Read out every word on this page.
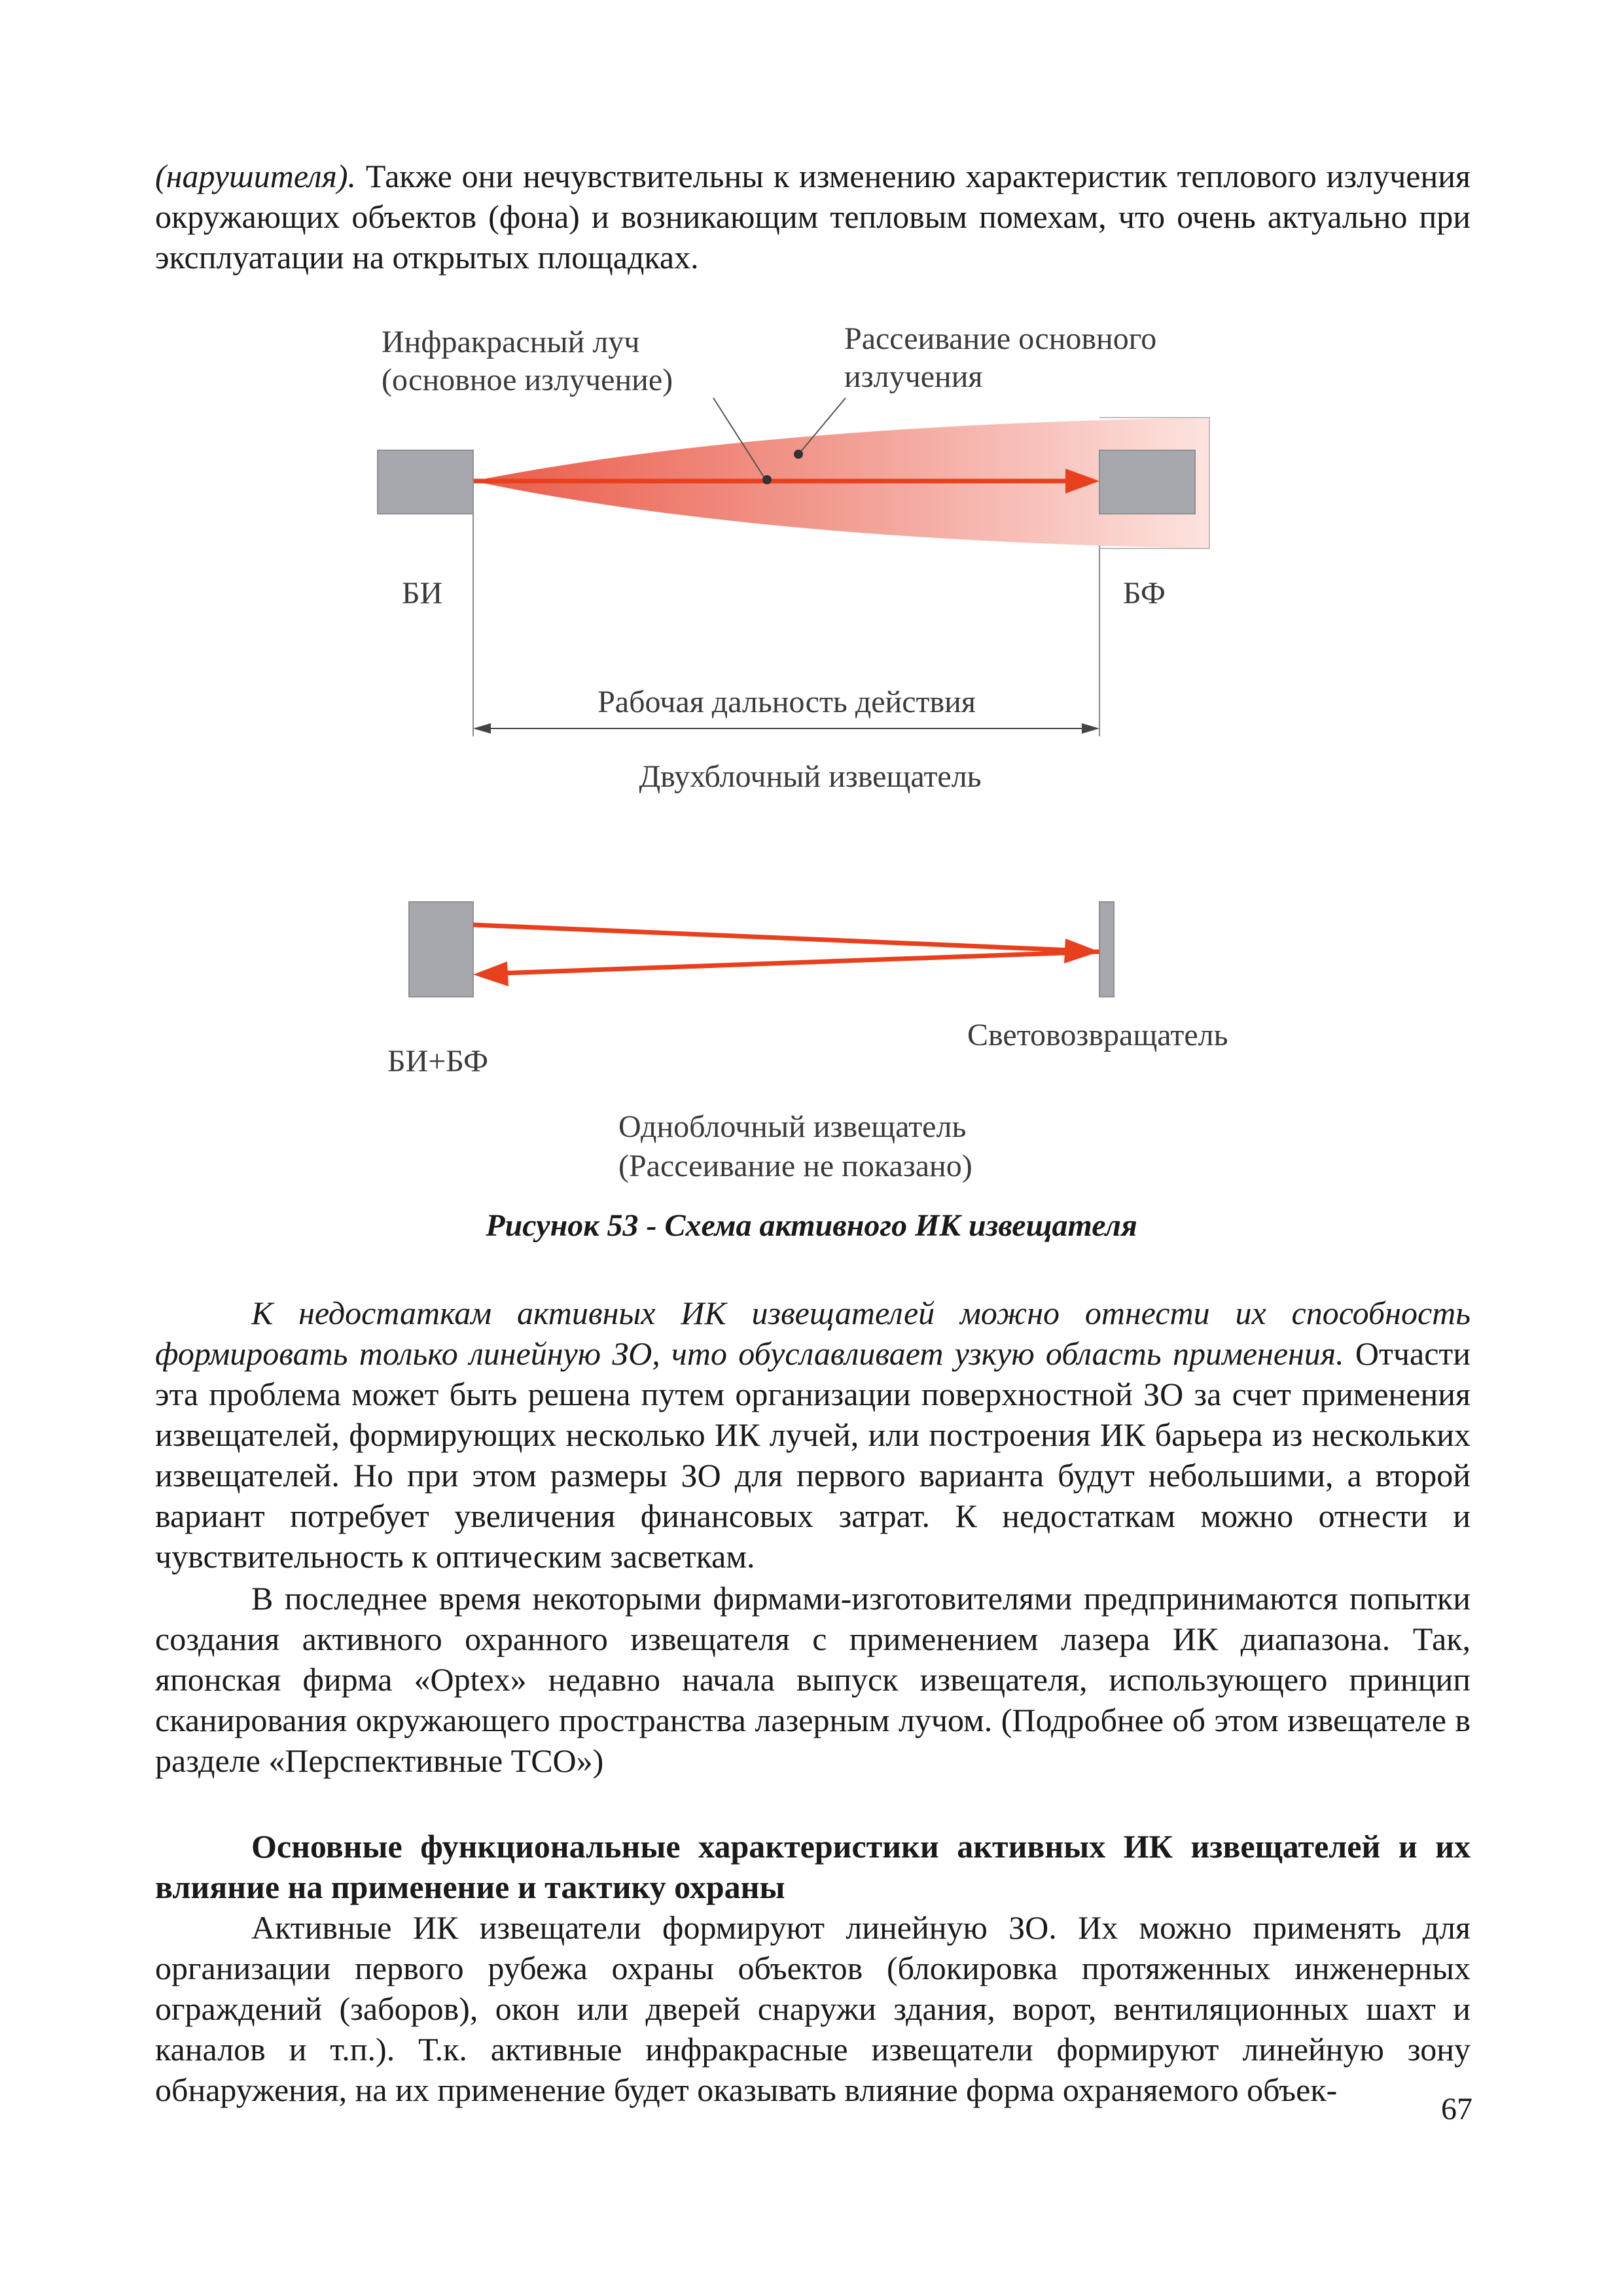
(нарушителя). Также они нечувствительны к изменению характеристик теплового излучения окружающих объектов (фона) и возникающим тепловым помехам, что очень актуально при эксплуатации на открытых площадках.

Инфракрасный луч
(основное излучение)
Рассеивание основного
излучения
БИ	БФ
Рабочая дальность действия
Двухблочный извещатель
БИ+БФ
Световозвращатель
Одноблочный извещатель
(Рассеивание не показано)
Рисунок 53 - Схема активного ИК извещателя

К недостаткам активных ИК извещателей можно отнести их способность формировать только линейную ЗО, что обуславливает узкую область применения. Отчасти эта проблема может быть решена путем организации поверхностной ЗО за счет применения извещателей, формирующих несколько ИК лучей, или построения ИК барьера из нескольких извещателей. Но при этом размеры ЗО для первого варианта будут небольшими, а второй вариант потребует увеличения финансовых затрат. К недостаткам можно отнести и чувствительность к оптическим засветкам.

В последнее время некоторыми фирмами-изготовителями предпринимаются попытки создания активного охранного извещателя с применением лазера ИК диапазона. Так, японская фирма «Optex» недавно начала выпуск извещателя, использующего принцип сканирования окружающего пространства лазерным лучом. (Подробнее об этом извещателе в разделе «Перспективные ТСО»)

Основные функциональные характеристики активных ИК извещателей и их влияние на применение и тактику охраны

Активные ИК извещатели формируют линейную ЗО. Их можно применять для организации первого рубежа охраны объектов (блокировка протяженных инженерных ограждений (заборов), окон или дверей снаружи здания, ворот, вентиляционных шахт и каналов и т.п.). Т.к. активные инфракрасные извещатели формируют линейную зону обнаружения, на их применение будет оказывать влияние форма охраняемого объек-

67
